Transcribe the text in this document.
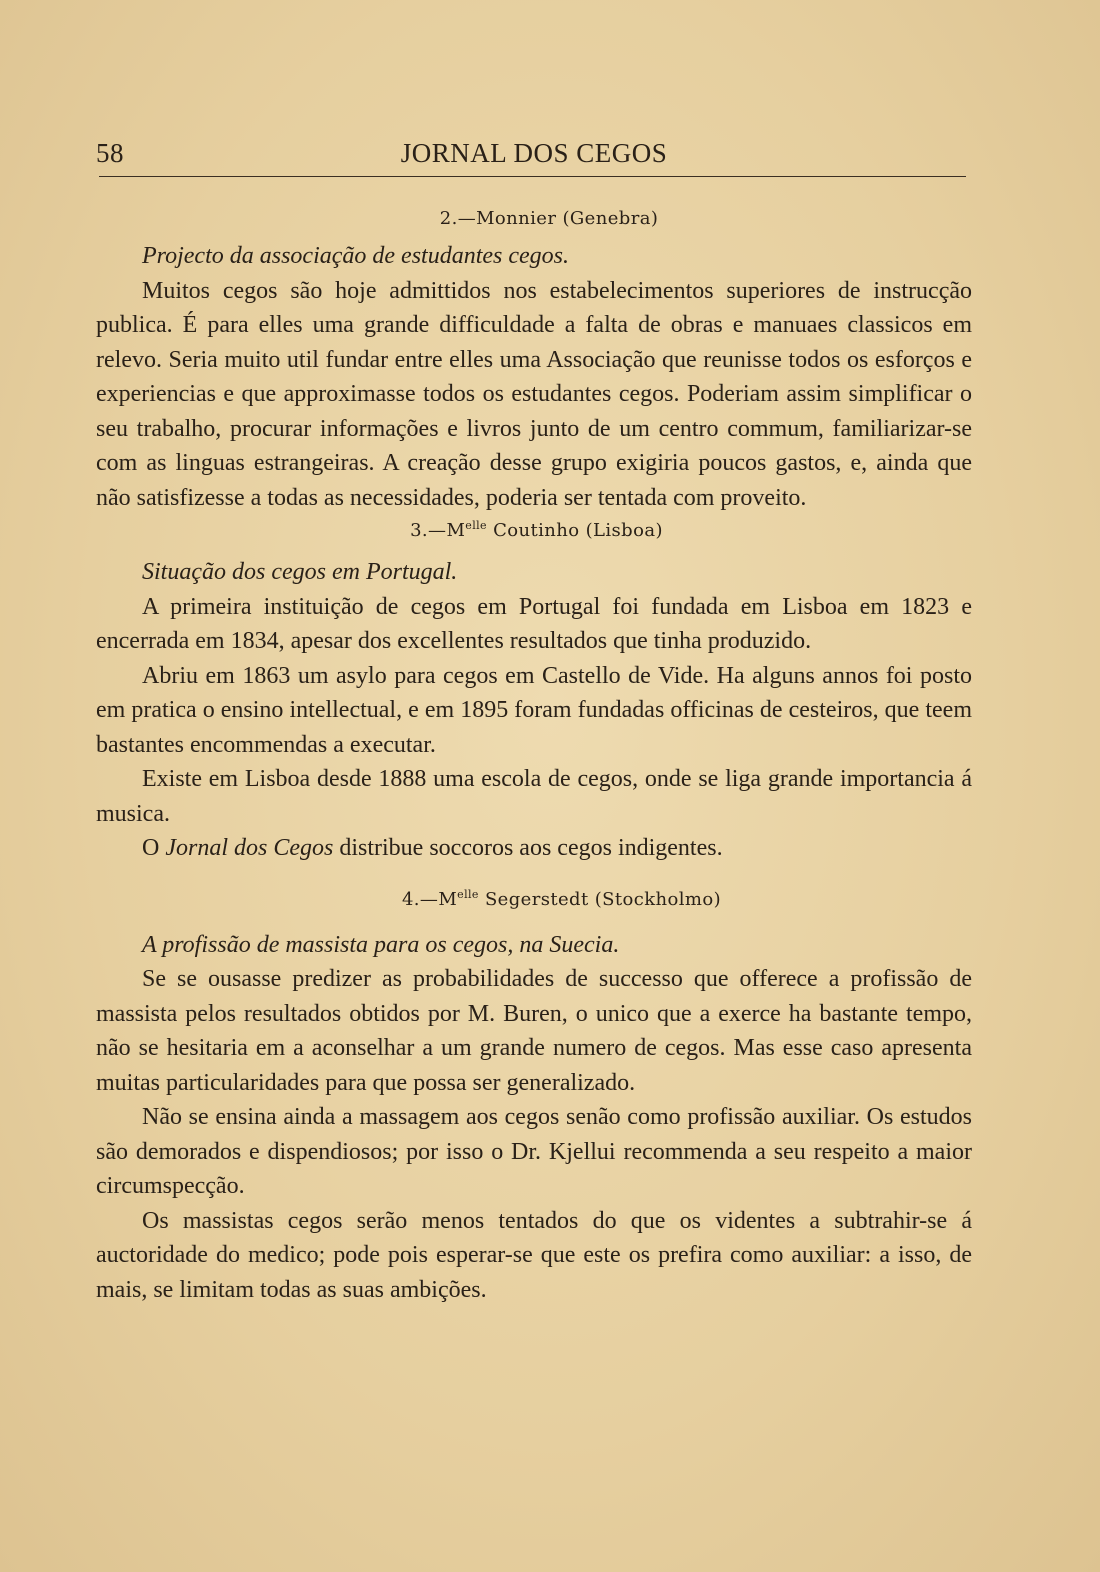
58	JORNAL DOS CEGOS

2.—Monnier (Genebra)

Projecto da associação de estudantes cegos.

Muitos cegos são hoje admittidos nos estabelecimentos superiores de instrucção publica. É para elles uma grande difficuldade a falta de obras e manuaes classicos em relevo. Seria muito util fundar entre elles uma Associação que reunisse todos os esforços e experiencias e que approximasse todos os estudantes cegos. Poderiam assim simplificar o seu trabalho, procurar informações e livros junto de um centro commum, familiarizar-se com as linguas estrangeiras. A creação desse grupo exigiria poucos gastos, e, ainda que não satisfizesse a todas as necessidades, poderia ser tentada com proveito.

$3.—M^{elle}$ Coutinho (Lisboa)

Situação dos cegos em Portugal.

A primeira instituição de cegos em Portugal foi fundada em Lisboa em 1823 e encerrada em 1834, apesar dos excellentes resultados que tinha produzido.

Abriu em 1863 um asylo para cegos em Castello de Vide. Ha alguns annos foi posto em pratica o ensino intellectual, e em 1895 foram fundadas officinas de cesteiros, que teem bastantes encommendas a executar.

Existe em Lisboa desde 1888 uma escola de cegos, onde se liga grande importancia á musica.

O Jornal dos Cegos distribue soccoros aos cegos indigentes.

$4.—M^{elle}$ Segerstedt (Stockholmo)

A profissão de massista para os cegos, na Suecia.

Se se ousasse predizer as probabilidades de successo que offerece a profissão de massista pelos resultados obtidos por M. Buren, o unico que a exerce ha bastante tempo, não se hesitaria em a aconselhar a um grande numero de cegos. Mas esse caso apresenta muitas particularidades para que possa ser generalizado.

Não se ensina ainda a massagem aos cegos senão como profissão auxiliar. Os estudos são demorados e dispendiosos; por isso o Dr. Kjellui recommenda a seu respeito a maior circumspecção.

Os massistas cegos serão menos tentados do que os videntes a subtrahir-se á auctoridade do medico; pode pois esperar-se que este os prefira como auxiliar: a isso, de mais, se limitam todas as suas ambições.
